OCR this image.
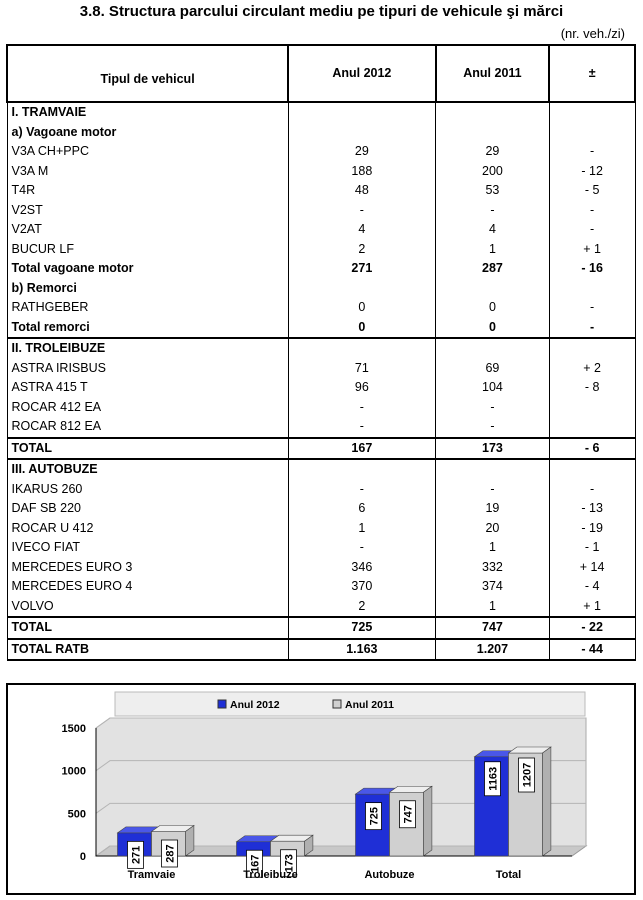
3.8. Structura parcului circulant mediu pe tipuri de vehicule şi mărci
(nr. veh./zi)
Tipul de vehicul	Anul 2012	Anul 2011	±
I. TRAMVAIE			
a) Vagoane motor			
V3A CH+PPC	29	29	-
V3A M	188	200	- 12
T4R	48	53	- 5
V2ST	-	-	-
V2AT	4	4	-
BUCUR LF	2	1	+ 1
Total vagoane motor	271	287	- 16
b) Remorci			
RATHGEBER	0	0	-
Total remorci	0	0	-
II. TROLEIBUZE			
ASTRA IRISBUS	71	69	+ 2
ASTRA 415 T	96	104	- 8
ROCAR 412 EA	-	-	
ROCAR 812 EA	-	-	
TOTAL	167	173	- 6
III. AUTOBUZE			
IKARUS 260	-	-	-
DAF SB 220	6	19	- 13
ROCAR U 412	1	20	- 19
IVECO FIAT	-	1	- 1
MERCEDES EURO 3	346	332	+ 14
MERCEDES EURO 4	370	374	- 4
VOLVO	2	1	+ 1
TOTAL	725	747	- 22
TOTAL RATB	1.163	1.207	- 44
0
500
1000
1500
271 287
Tramvaie
167 173
Troleibuze
725 747
Autobuze
1163 1207
Total
Anul 2012	Anul 2011
